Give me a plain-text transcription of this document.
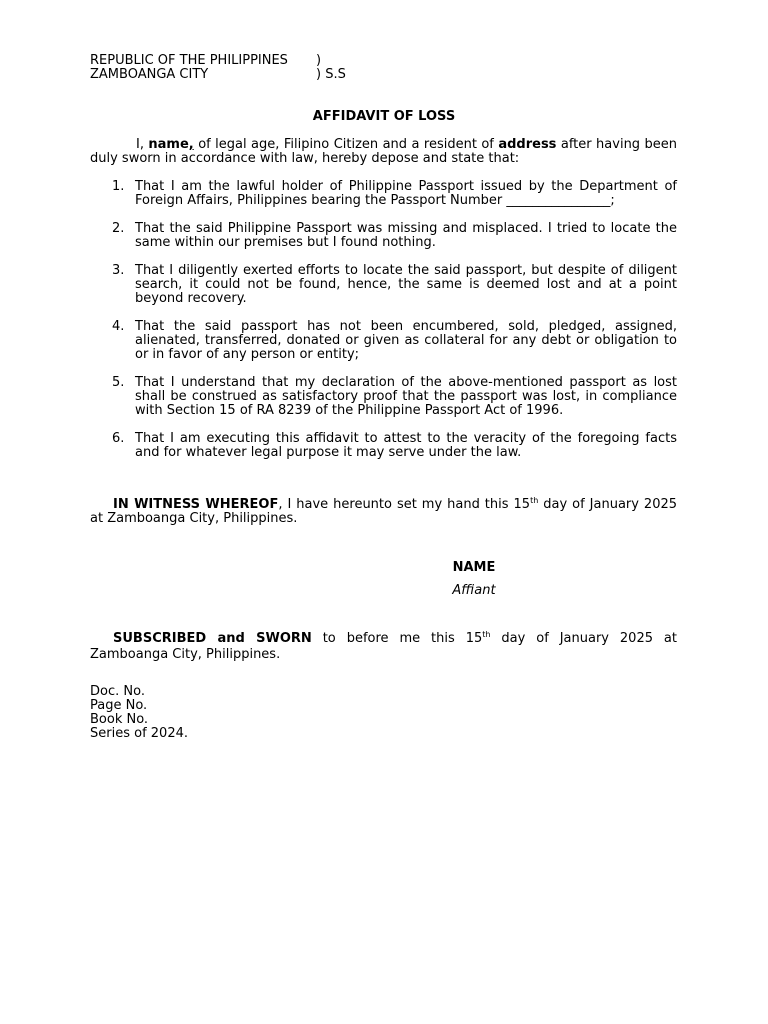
REPUBLIC OF THE PHILIPPINES )
ZAMBOANGA CITY	) S.S
AFFIDAVIT OF LOSS
I, name, of legal age, Filipino Citizen and a resident of address after having been duly sworn in accordance with law, hereby depose and state that:
1. That I am the lawful holder of Philippine Passport issued by the Department of Foreign Affairs, Philippines bearing the Passport Number ________________;
2. That the said Philippine Passport was missing and misplaced. I tried to locate the same within our premises but I found nothing.
3. That I diligently exerted efforts to locate the said passport, but despite of diligent search, it could not be found, hence, the same is deemed lost and at a point beyond recovery.
4. That the said passport has not been encumbered, sold, pledged, assigned, alienated, transferred, donated or given as collateral for any debt or obligation to or in favor of any person or entity;
5. That I understand that my declaration of the above-mentioned passport as lost shall be construed as satisfactory proof that the passport was lost, in compliance with Section 15 of RA 8239 of the Philippine Passport Act of 1996.
6. That I am executing this affidavit to attest to the veracity of the foregoing facts and for whatever legal purpose it may serve under the law.
IN WITNESS WHEREOF, I have hereunto set my hand this 15th day of January 2025 at Zamboanga City, Philippines.
NAME
Affiant
SUBSCRIBED and SWORN to before me this 15th day of January 2025 at Zamboanga City, Philippines.
Doc. No.
Page No.
Book No.
Series of 2024.
